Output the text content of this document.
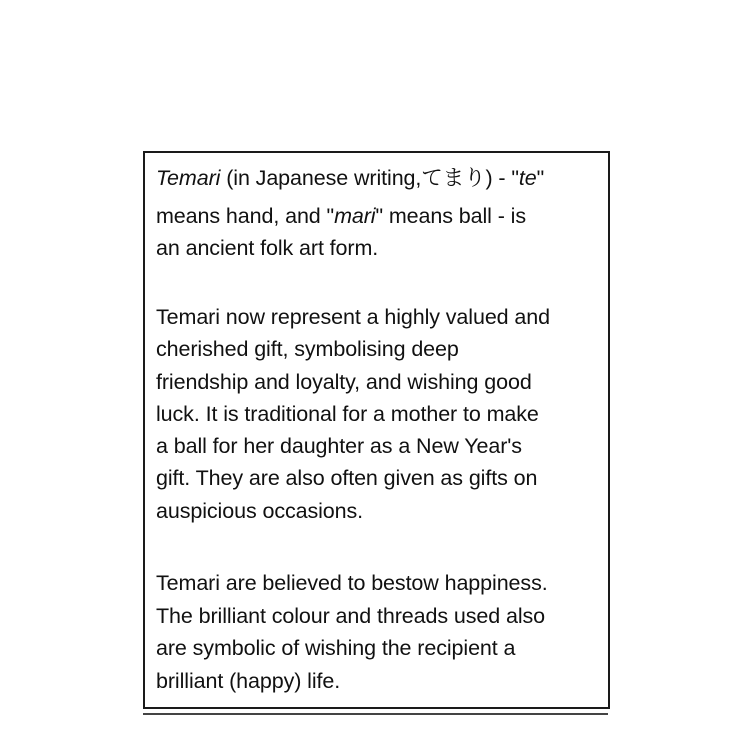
Temari (in Japanese writing,てまり) - "te"
means hand, and "mari" means ball - is
an ancient folk art form.

Temari now represent a highly valued and
cherished gift, symbolising deep
friendship and loyalty, and wishing good
luck. It is traditional for a mother to make
a ball for her daughter as a New Year's
gift. They are also often given as gifts on
auspicious occasions.

Temari are believed to bestow happiness.
The brilliant colour and threads used also
are symbolic of wishing the recipient a
brilliant (happy) life.
